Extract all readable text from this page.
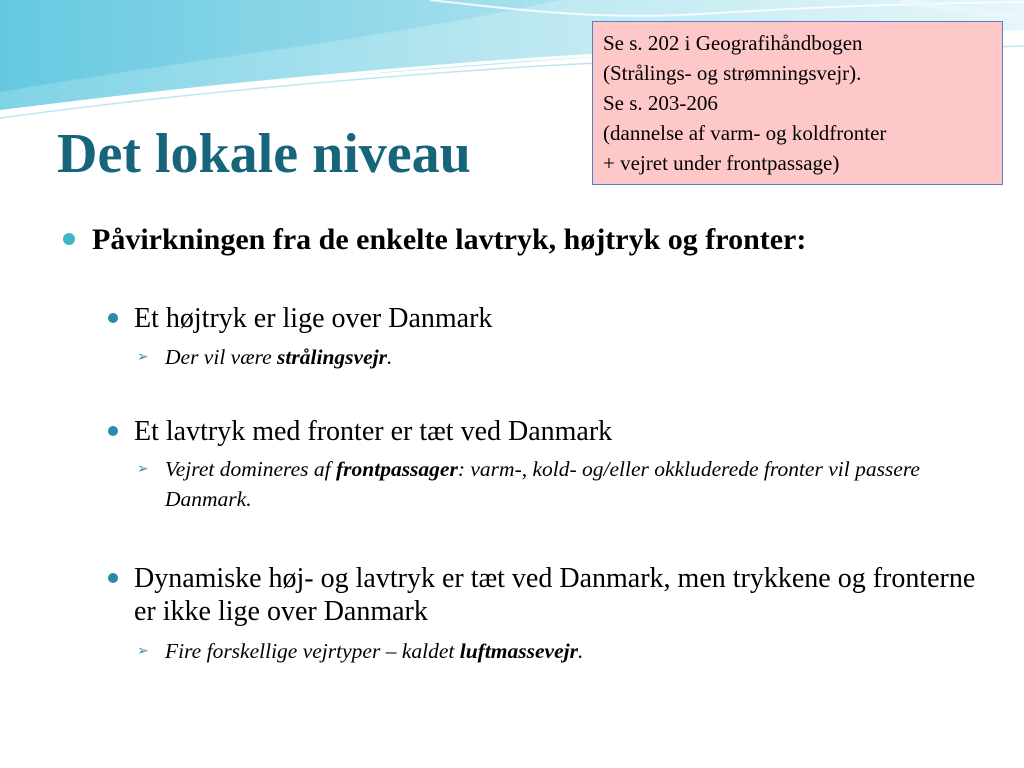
Det lokale niveau
Se s. 202 i Geografihåndbogen
(Strålings- og strømningsvejr).
Se s. 203-206
(dannelse af varm- og koldfronter
+ vejret under frontpassage)
Påvirkningen fra de enkelte lavtryk, højtryk og fronter:
Et højtryk er lige over Danmark
➢ Der vil være strålingsvejr.
Et lavtryk med fronter er tæt ved Danmark
➢ Vejret domineres af frontpassager: varm-, kold- og/eller okkluderede fronter vil passere Danmark.
Dynamiske høj- og lavtryk er tæt ved Danmark, men trykkene og fronterne er ikke lige over Danmark
➢ Fire forskellige vejrtyper – kaldet luftmassevejr.
